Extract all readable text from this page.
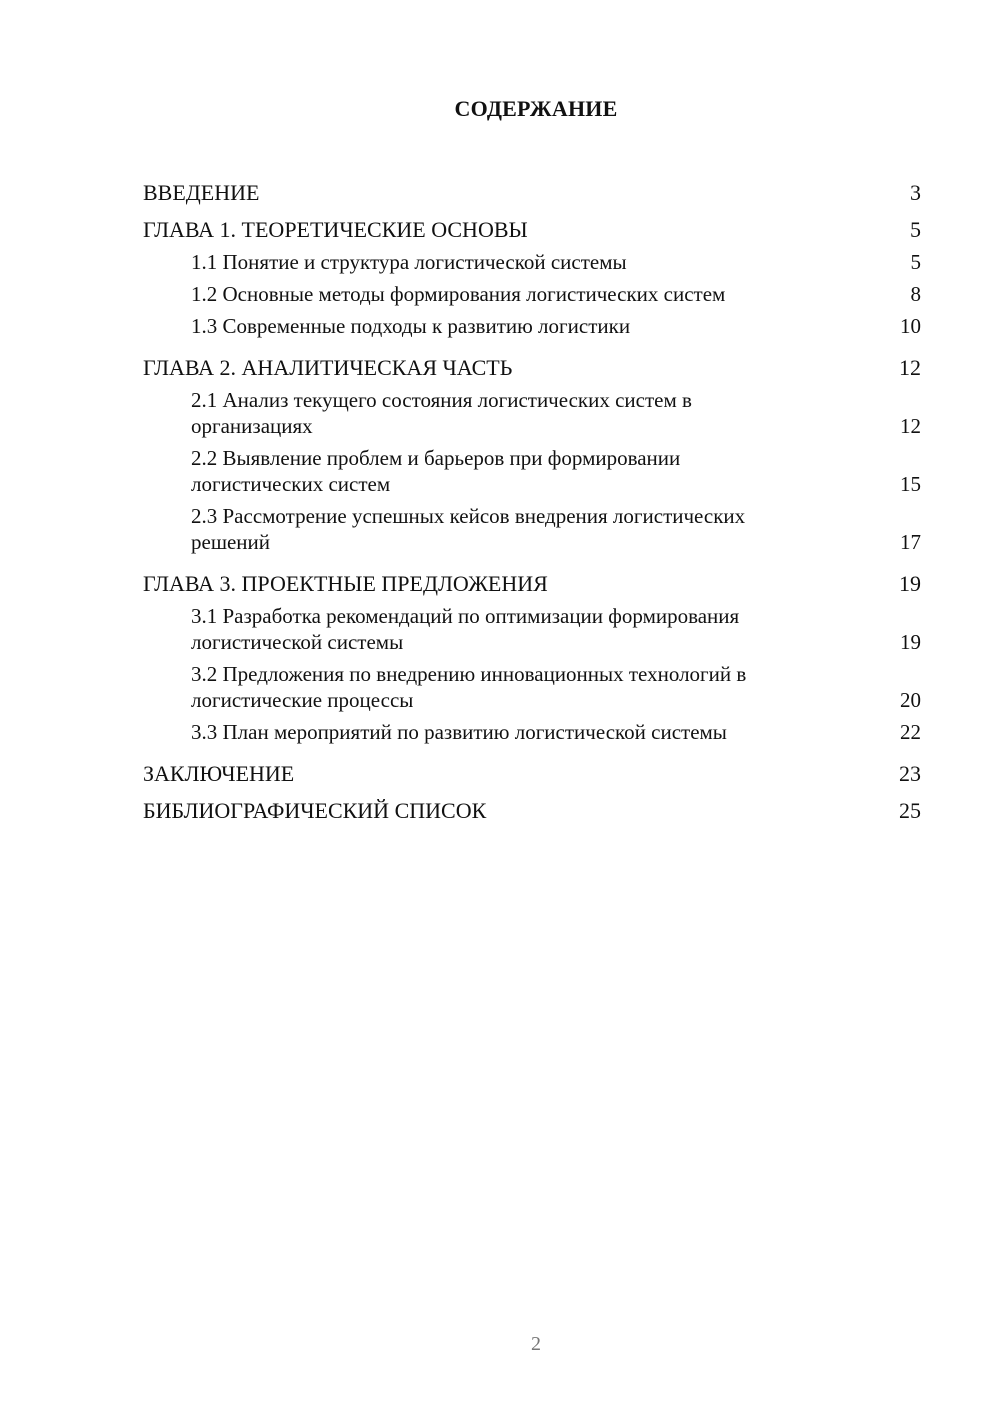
СОДЕРЖАНИЕ
ВВЕДЕНИЕ	3
ГЛАВА 1. ТЕОРЕТИЧЕСКИЕ ОСНОВЫ	5
1.1 Понятие и структура логистической системы	5
1.2 Основные методы формирования логистических систем	8
1.3 Современные подходы к развитию логистики	10
ГЛАВА 2. АНАЛИТИЧЕСКАЯ ЧАСТЬ	12
2.1 Анализ текущего состояния логистических систем в организациях	12
2.2 Выявление проблем и барьеров при формировании логистических систем	15
2.3 Рассмотрение успешных кейсов внедрения логистических решений	17
ГЛАВА 3. ПРОЕКТНЫЕ ПРЕДЛОЖЕНИЯ	19
3.1 Разработка рекомендаций по оптимизации формирования логистической системы	19
3.2 Предложения по внедрению инновационных технологий в логистические процессы	20
3.3 План мероприятий по развитию логистической системы	22
ЗАКЛЮЧЕНИЕ	23
БИБЛИОГРАФИЧЕСКИЙ СПИСОК	25
2
